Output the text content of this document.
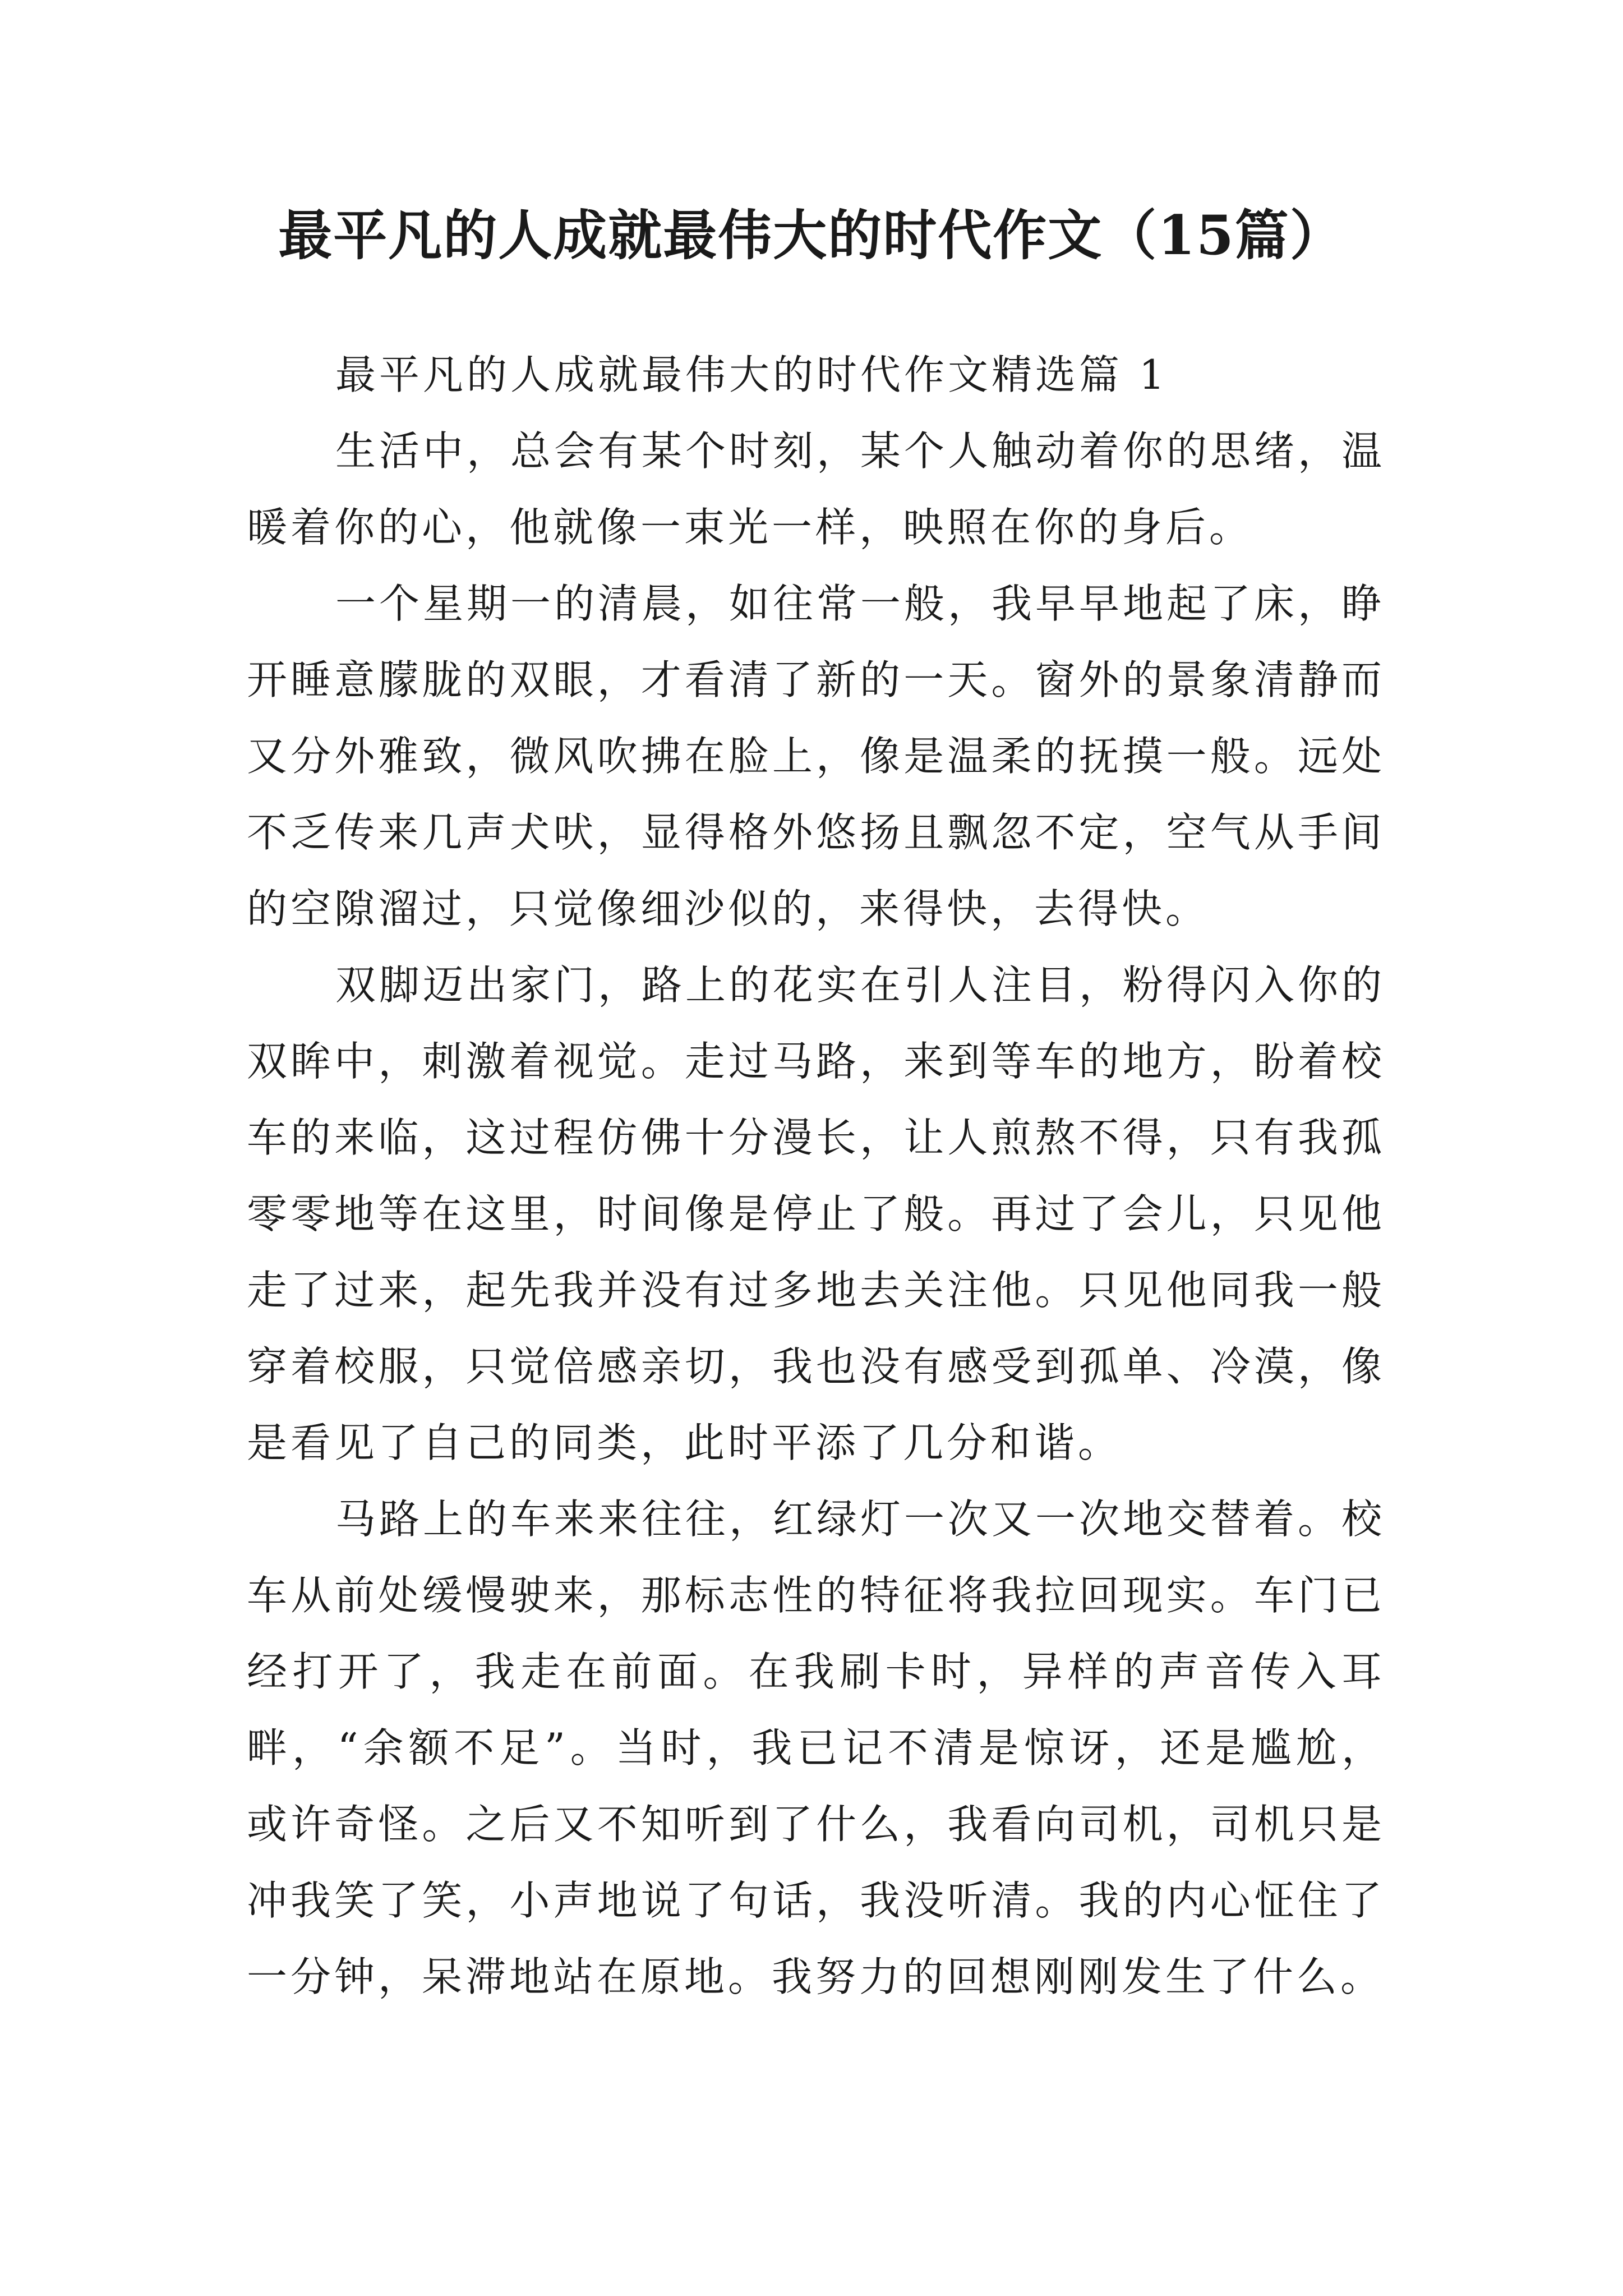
最平凡的人成就最伟大的时代作文（15篇）

最平凡的人成就最伟大的时代作文精选篇 1

生活中，总会有某个时刻，某个人触动着你的思绪，温暖着你的心，他就像一束光一样，映照在你的身后。

一个星期一的清晨，如往常一般，我早早地起了床，睁开睡意朦胧的双眼，才看清了新的一天。窗外的景象清静而又分外雅致，微风吹拂在脸上，像是温柔的抚摸一般。远处不乏传来几声犬吠，显得格外悠扬且飘忽不定，空气从手间的空隙溜过，只觉像细沙似的，来得快，去得快。

双脚迈出家门，路上的花实在引人注目，粉得闪入你的双眸中，刺激着视觉。走过马路，来到等车的地方，盼着校车的来临，这过程仿佛十分漫长，让人煎熬不得，只有我孤零零地等在这里，时间像是停止了般。再过了会儿，只见他走了过来，起先我并没有过多地去关注他。只见他同我一般穿着校服，只觉倍感亲切，我也没有感受到孤单、冷漠，像是看见了自己的同类，此时平添了几分和谐。

马路上的车来来往往，红绿灯一次又一次地交替着。校车从前处缓慢驶来，那标志性的特征将我拉回现实。车门已经打开了，我走在前面。在我刷卡时，异样的声音传入耳畔，“余额不足”。当时，我已记不清是惊讶，还是尴尬，或许奇怪。之后又不知听到了什么，我看向司机，司机只是冲我笑了笑，小声地说了句话，我没听清。我的内心怔住了一分钟，呆滞地站在原地。我努力的回想刚刚发生了什么。
